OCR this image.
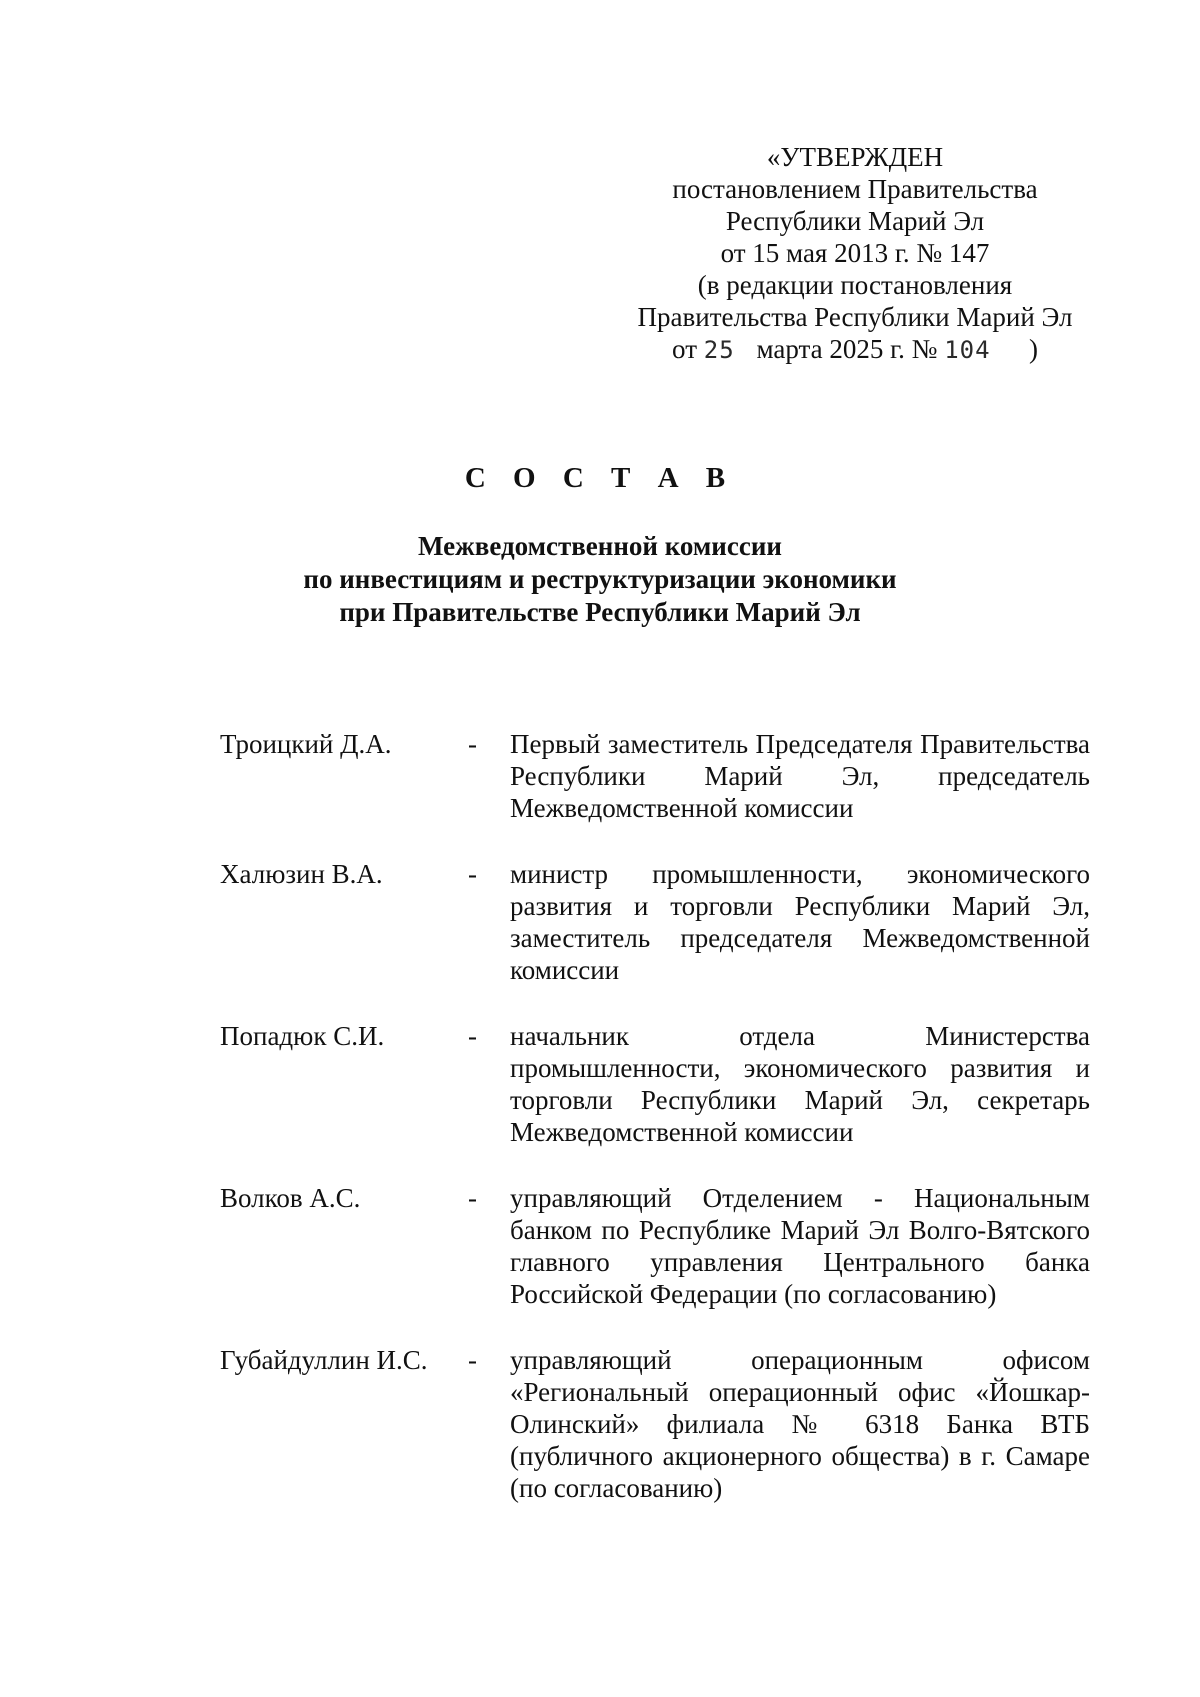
«УТВЕРЖДЕН
постановлением Правительства
Республики Марий Эл
от 15 мая 2013 г. № 147
(в редакции постановления
Правительства Республики Марий Эл
от 25 марта 2025 г. № 104 )
С О С Т А В
Межведомственной комиссии
по инвестициям и реструктуризации экономики
при Правительстве Республики Марий Эл
Троицкий Д.А.	-	Первый заместитель Председателя Правительства Республики Марий Эл, председатель Межведомственной комиссии
Халюзин В.А.	-	министр промышленности, экономического развития и торговли Республики Марий Эл, заместитель председателя Межведомственной комиссии
Попадюк С.И.	-	начальник отдела Министерства промышленности, экономического развития и торговли Республики Марий Эл, секретарь Межведомственной комиссии
Волков А.С.	-	управляющий Отделением - Национальным банком по Республике Марий Эл Волго-Вятского главного управления Центрального банка Российской Федерации (по согласованию)
Губайдуллин И.С.	-	управляющий операционным офисом «Региональный операционный офис «Йошкар-Олинский» филиала № 6318 Банка ВТБ (публичного акционерного общества) в г. Самаре (по согласованию)
